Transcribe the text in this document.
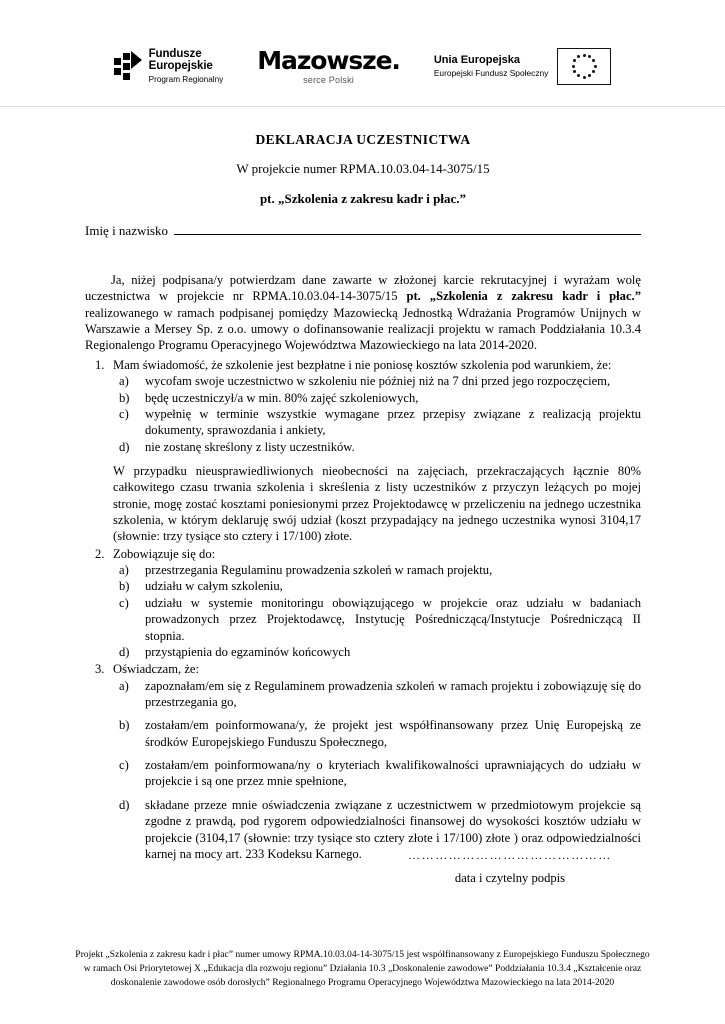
Fundusze
Europejskie
Program Regionalny
Mazowsze.
serce Polski
Unia Europejska
Europejski Fundusz Społeczny
DEKLARACJA UCZESTNICTWA
W projekcie numer RPMA.10.03.04-14-3075/15
pt. „Szkolenia z zakresu kadr i płac.”
Imię i nazwisko

Ja, niżej podpisana/y potwierdzam dane zawarte w złożonej karcie rekrutacyjnej i wyrażam wolę uczestnictwa w projekcie nr RPMA.10.03.04-14-3075/15 pt. „Szkolenia z zakresu kadr i płac.” realizowanego w ramach podpisanej pomiędzy Mazowiecką Jednostką Wdrażania Programów Unijnych w Warszawie a Mersey Sp. z o.o. umowy o dofinansowanie realizacji projektu w ramach Poddziałania 10.3.4 Regionalengo Programu Operacyjnego Województwa Mazowieckiego na lata 2014-2020.

Mam świadomość, że szkolenie jest bezpłatne i nie poniosę kosztów szkolenia pod warunkiem, że:
wycofam swoje uczestnictwo w szkoleniu nie później niż na 7 dni przed jego rozpoczęciem,
będę uczestniczył/a w min. 80% zajęć szkoleniowych,
wypełnię w terminie wszystkie wymagane przez przepisy związane z realizacją projektu dokumenty, sprawozdania i ankiety,
nie zostanę skreślony z listy uczestników.

W przypadku nieusprawiedliwionych nieobecności na zajęciach, przekraczających łącznie 80% całkowitego czasu trwania szkolenia i skreślenia z listy uczestników z przyczyn leżących po mojej stronie, mogę zostać kosztami poniesionymi przez Projektodawcę w przeliczeniu na jednego uczestnika szkolenia, w którym deklaruję swój udział (koszt przypadający na jednego uczestnika wynosi 3104,17 (słownie: trzy tysiące sto cztery i 17/100) złote.

Zobowiązuje się do:
przestrzegania Regulaminu prowadzenia szkoleń w ramach projektu,
udziału w całym szkoleniu,
udziału w systemie monitoringu obowiązującego w projekcie oraz udziału w badaniach prowadzonych przez Projektodawcę, Instytucję Pośredniczącą/Instytucje Pośredniczącą II stopnia.
przystąpienia do egzaminów końcowych
Oświadczam, że:
zapoznałam/em się z Regulaminem prowadzenia szkoleń w ramach projektu i zobowiązuję się do przestrzegania go,
zostałam/em poinformowana/y, że projekt jest współfinansowany przez Unię Europejską ze środków Europejskiego Funduszu Społecznego,
zostałam/em poinformowana/ny o kryteriach kwalifikowalności uprawniających do udziału w projekcie i są one przez mnie spełnione,
składane przeze mnie oświadczenia związane z uczestnictwem w przedmiotowym projekcie są zgodne z prawdą, pod rygorem odpowiedzialności finansowej do wysokości kosztów udziału w projekcie (3104,17 (słownie: trzy tysiące sto cztery złote i 17/100) złote ) oraz odpowiedzialności karnej na mocy art. 233 Kodeksu Karnego.	………………………………………
data i czytelny podpis
Projekt „Szkolenia z zakresu kadr i płac” numer umowy RPMA.10.03.04-14-3075/15 jest współfinansowany z Europejskiego Funduszu Społecznego
w ramach Osi Priorytetowej X „Edukacja dla rozwoju regionu” Działania 10.3 „Doskonalenie zawodowe” Poddziałania 10.3.4 „Kształcenie oraz
doskonalenie zawodowe osób dorosłych” Regionalnego Programu Operacyjnego Województwa Mazowieckiego na lata 2014-2020
